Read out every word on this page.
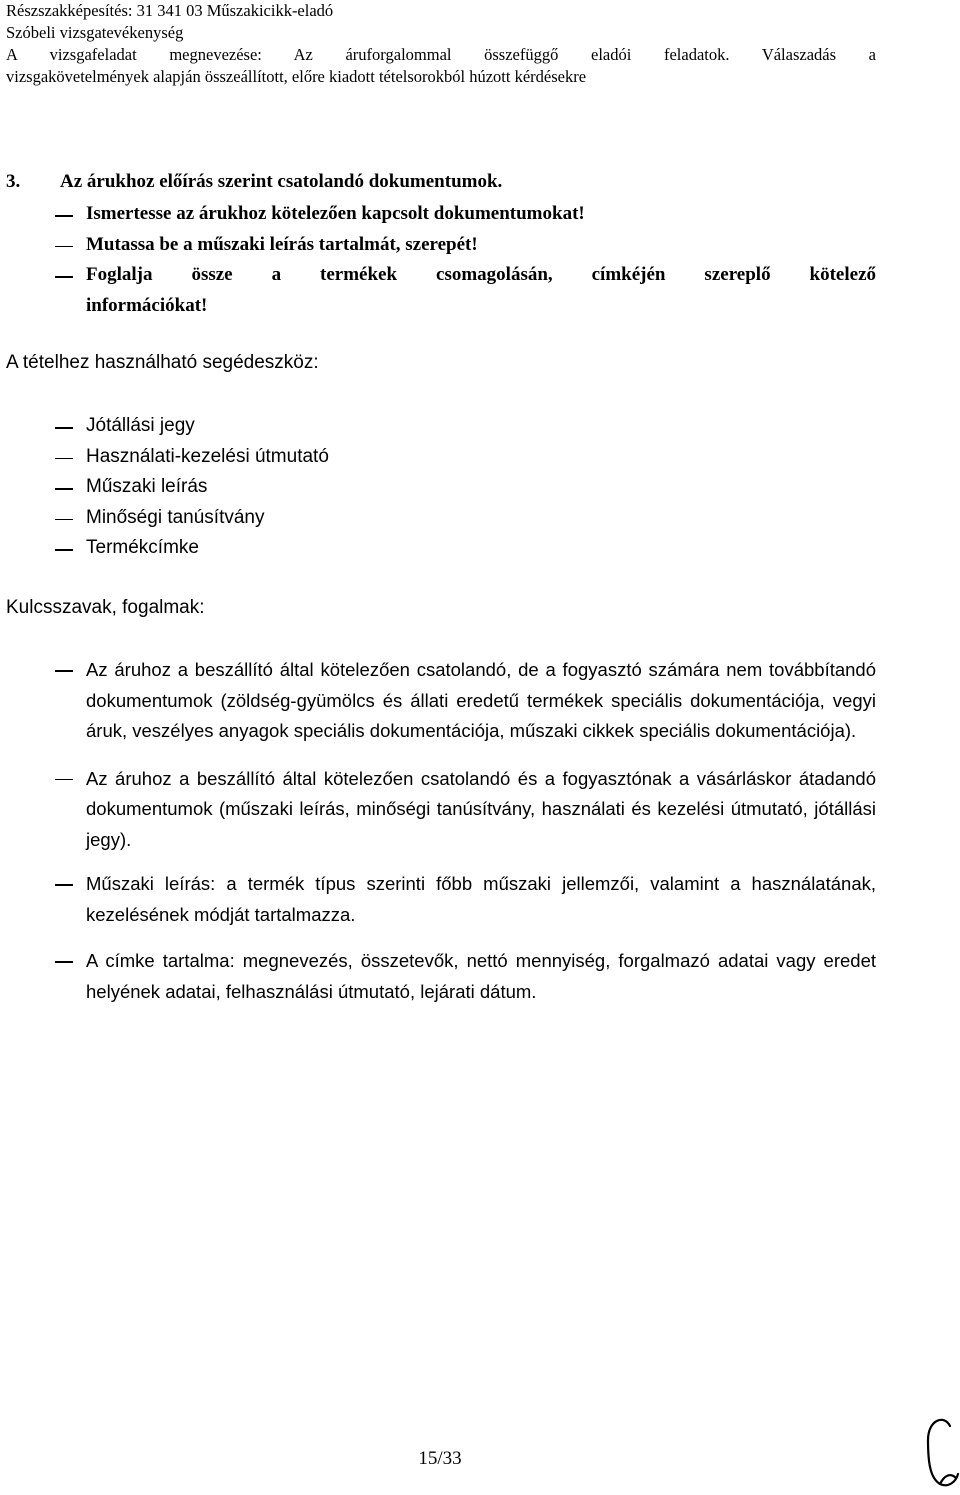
Részszakképesítés: 31 341 03 Műszakicikk-eladó
Szóbeli vizsgatevékenység
A vizsgafeladat megnevezése: Az áruforgalommal összefüggő eladói feladatok. Válaszadás a
vizsgakövetelmények alapján összeállított, előre kiadott tételsorokból húzott kérdésekre
3. Az árukhoz előírás szerint csatolandó dokumentumok.
Ismertesse az árukhoz kötelezően kapcsolt dokumentumokat!
Mutassa be a műszaki leírás tartalmát, szerepét!
Foglalja össze a termékek csomagolásán, címkéjén szereplő kötelező
információkat!
A tételhez használható segédeszköz:
Jótállási jegy
Használati-kezelési útmutató
Műszaki leírás
Minőségi tanúsítvány
Termékcímke
Kulcsszavak, fogalmak:
Az áruhoz a beszállító által kötelezően csatolandó, de a fogyasztó számára nem továbbítandó dokumentumok (zöldség-gyümölcs és állati eredetű termékek speciális dokumentációja, vegyi áruk, veszélyes anyagok speciális dokumentációja, műszaki cikkek speciális dokumentációja).
Az áruhoz a beszállító által kötelezően csatolandó és a fogyasztónak a vásárláskor átadandó dokumentumok (műszaki leírás, minőségi tanúsítvány, használati és kezelési útmutató, jótállási jegy).
Műszaki leírás: a termék típus szerinti főbb műszaki jellemzői, valamint a használatának, kezelésének módját tartalmazza.
A címke tartalma: megnevezés, összetevők, nettó mennyiség, forgalmazó adatai vagy eredet helyének adatai, felhasználási útmutató, lejárati dátum.
15/33
